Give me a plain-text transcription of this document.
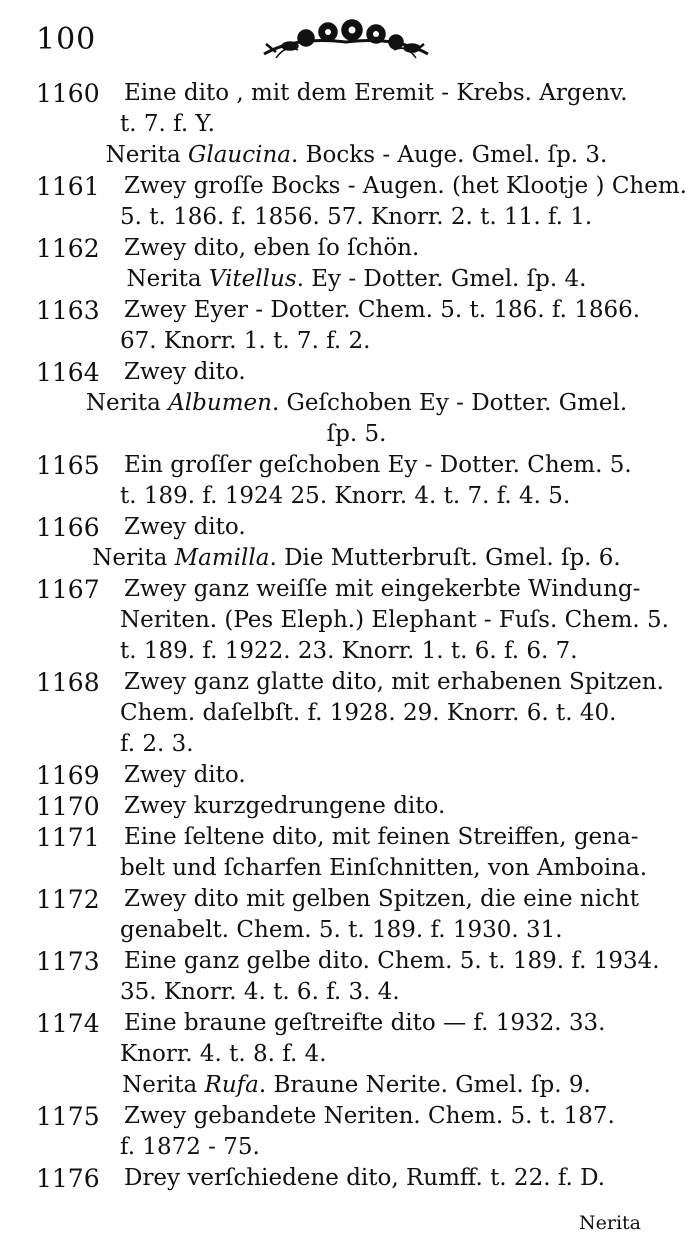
100
1160	Eine dito , mit dem Eremit - Krebs. Argenv.
t. 7. f. Y.
Nerita Glaucina. Bocks - Auge. Gmel. ſp. 3.
1161	Zwey groſſe Bocks - Augen. (het Klootje ) Chem.
5. t. 186. f. 1856. 57. Knorr. 2. t. 11. f. 1.
1162	Zwey dito, eben ſo ſchön.
Nerita Vitellus. Ey - Dotter. Gmel. ſp. 4.
1163	Zwey Eyer - Dotter. Chem. 5. t. 186. f. 1866.
67. Knorr. 1. t. 7. f. 2.
1164	Zwey dito.
Nerita Albumen. Geſchoben Ey - Dotter. Gmel.
ſp. 5.
1165	Ein groſſer geſchoben Ey - Dotter. Chem. 5.
t. 189. f. 1924 25. Knorr. 4. t. 7. f. 4. 5.
1166	Zwey dito.
Nerita Mamilla. Die Mutterbruſt. Gmel. ſp. 6.
1167	Zwey ganz weiſſe mit eingekerbte Windung-
Neriten. (Pes Eleph.) Elephant - Fuſs. Chem. 5.
t. 189. f. 1922. 23. Knorr. 1. t. 6. f. 6. 7.
1168	Zwey ganz glatte dito, mit erhabenen Spitzen.
Chem. daſelbſt. f. 1928. 29. Knorr. 6. t. 40.
f. 2. 3.
1169	Zwey dito.
1170	Zwey kurzgedrungene dito.
1171	Eine ſeltene dito, mit feinen Streiffen, gena-
belt und ſcharfen Einſchnitten, von Amboina.
1172	Zwey dito mit gelben Spitzen, die eine nicht
genabelt. Chem. 5. t. 189. f. 1930. 31.
1173	Eine ganz gelbe dito. Chem. 5. t. 189. f. 1934.
35. Knorr. 4. t. 6. f. 3. 4.
1174	Eine braune geſtreifte dito — f. 1932. 33.
Knorr. 4. t. 8. f. 4.
Nerita Rufa. Braune Nerite. Gmel. ſp. 9.
1175	Zwey gebandete Neriten. Chem. 5. t. 187.
f. 1872 - 75.
1176	Drey verſchiedene dito, Rumff. t. 22. f. D.
Nerita
